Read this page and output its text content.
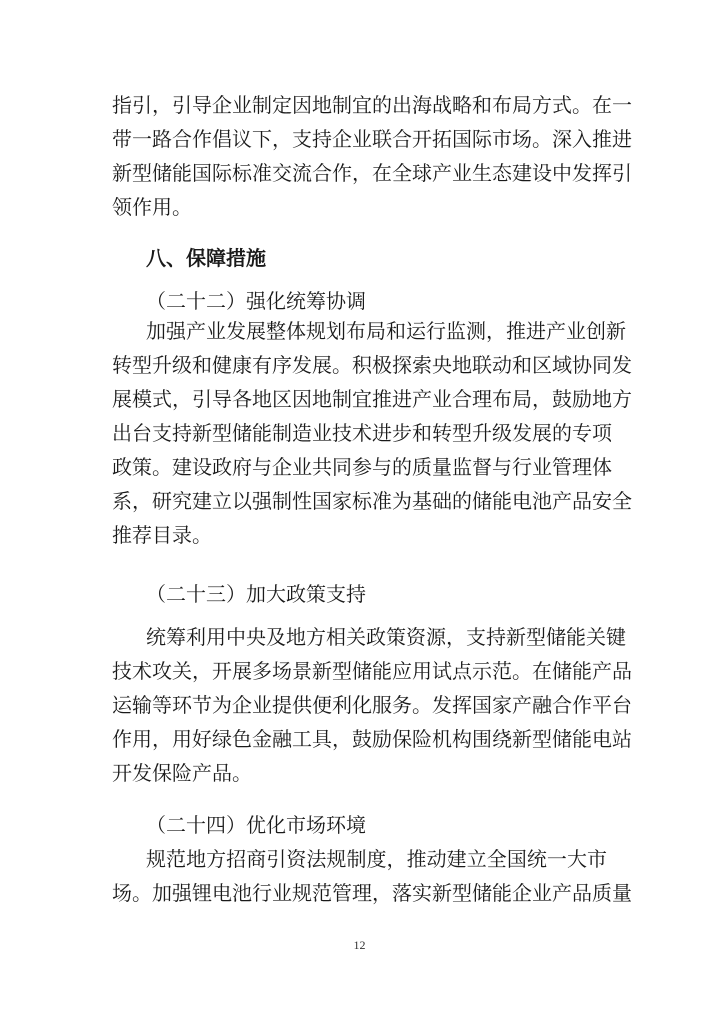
指引，引导企业制定因地制宜的出海战略和布局方式。在一
带一路合作倡议下，支持企业联合开拓国际市场。深入推进
新型储能国际标准交流合作，在全球产业生态建设中发挥引
领作用。
八、保障措施
（二十二）强化统筹协调
加强产业发展整体规划布局和运行监测，推进产业创新
转型升级和健康有序发展。积极探索央地联动和区域协同发
展模式，引导各地区因地制宜推进产业合理布局，鼓励地方
出台支持新型储能制造业技术进步和转型升级发展的专项
政策。建设政府与企业共同参与的质量监督与行业管理体
系，研究建立以强制性国家标准为基础的储能电池产品安全
推荐目录。
（二十三）加大政策支持
统筹利用中央及地方相关政策资源，支持新型储能关键
技术攻关，开展多场景新型储能应用试点示范。在储能产品
运输等环节为企业提供便利化服务。发挥国家产融合作平台
作用，用好绿色金融工具，鼓励保险机构围绕新型储能电站
开发保险产品。
（二十四）优化市场环境
规范地方招商引资法规制度，推动建立全国统一大市
场。加强锂电池行业规范管理，落实新型储能企业产品质量
12
